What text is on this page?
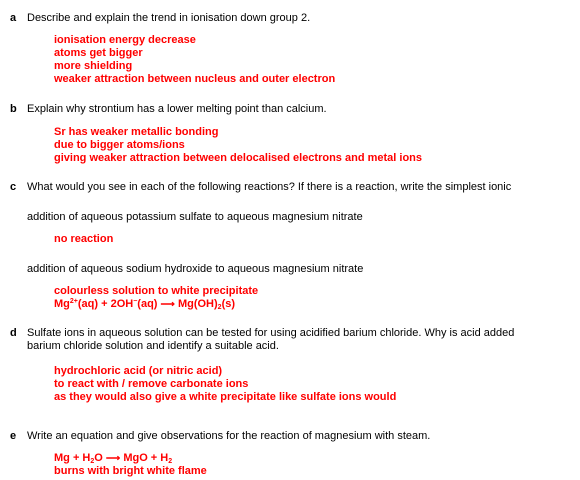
a Describe and explain the trend in ionisation down group 2.
ionisation energy decrease
atoms get bigger
more shielding
weaker attraction between nucleus and outer electron
b Explain why strontium has a lower melting point than calcium.
Sr has weaker metallic bonding
due to bigger atoms/ions
giving weaker attraction between delocalised electrons and metal ions
c What would you see in each of the following reactions? If there is a reaction, write the simplest ionic
addition of aqueous potassium sulfate to aqueous magnesium nitrate
no reaction
addition of aqueous sodium hydroxide to aqueous magnesium nitrate
colourless solution to white precipitate
$Mg^{2+}(aq) + 2OH^-(aq)$ ⟶ $Mg(OH)_2(s)$
d Sulfate ions in aqueous solution can be tested for using acidified barium chloride. Why is acid added
barium chloride solution and identify a suitable acid.
hydrochloric acid (or nitric acid)
to react with / remove carbonate ions
as they would also give a white precipitate like sulfate ions would
e Write an equation and give observations for the reaction of magnesium with steam.
$Mg + H_2O$ ⟶ MgO + $H_2$
burns with bright white flame
